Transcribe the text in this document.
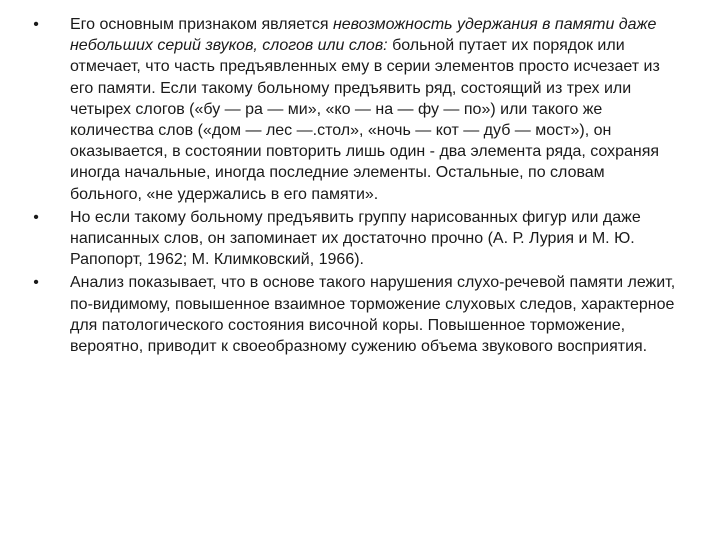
•	Его основным признаком является невозможность удержания в памяти даже небольших серий звуков, слогов или слов: больной путает их порядок или отмечает, что часть предъявленных ему в серии элементов просто исчезает из его памяти. Если такому больному предъявить ряд, состоящий из трех или четырех слогов («бу — ра — ми», «ко — на — фу — по») или такого же количества слов («дом — лес —.стол», «ночь — кот — дуб — мост»), он оказывается, в состоянии повторить лишь один - два элемента ряда, сохраняя иногда начальные, иногда последние элементы. Остальные, по словам больного, «не удержались в его памяти».
•	Но если такому больному предъявить группу нарисованных фигур или даже написанных слов, он запоминает их достаточно прочно (А. Р. Лурия и М. Ю. Рапопорт, 1962; М. Климковский, 1966).
•	Анализ показывает, что в основе такого нарушения слухо-речевой памяти лежит, по-видимому, повышенное взаимное торможение слуховых следов, характерное для патологического состояния височной коры. Повышенное торможение, вероятно, приводит к своеобразному сужению объема звукового восприятия.
